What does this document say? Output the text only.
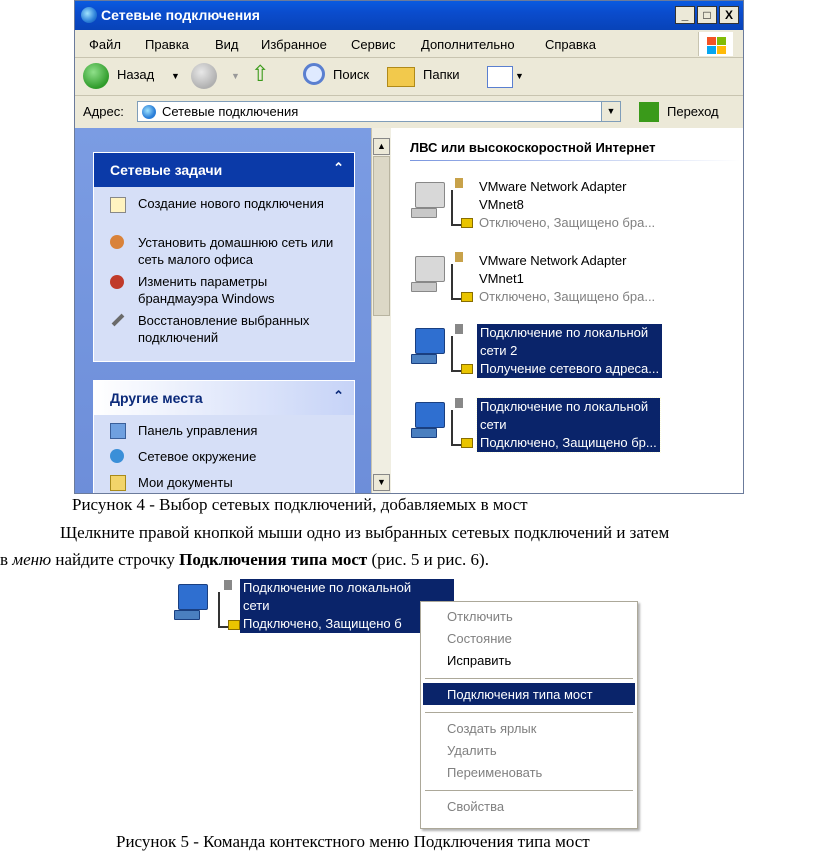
Сетевые подключения	_	□	X
Файл Правка Вид Избранное Сервис Дополнительно Справка
Назад ▼	▼ ⇧	Поиск	Папки	▼
Адрес:	Сетевые подключения	▼	Переход
Сетевые задачи	⌃
Создание нового подключения
Установить домашнюю сеть или сеть малого офиса
Изменить параметры брандмауэра Windows
Восстановление выбранных подключений
Другие места	⌃
Панель управления
Сетевое окружение
Мои документы
▲
▼
ЛВС или высокоскоростной Интернет
VMware Network Adapter
VMnet8
Отключено, Защищено бра...
VMware Network Adapter
VMnet1
Отключено, Защищено бра...
Подключение по локальной
сети 2
Получение сетевого адреса...
Подключение по локальной
сети
Подключено, Защищено бр...
Рисунок 4 - Выбор сетевых подключений, добавляемых в мост
Щелкните правой кнопкой мыши одно из выбранных сетевых подключений и затем
в меню найдите строчку Подключения типа мост (рис. 5 и рис. 6).
Подключение по локальной
сети
Подключено, Защищено б	Отключить
Состояние
Исправить
Подключения типа мост
Создать ярлык
Удалить
Переименовать
Свойства
Рисунок 5 - Команда контекстного меню Подключения типа мост
